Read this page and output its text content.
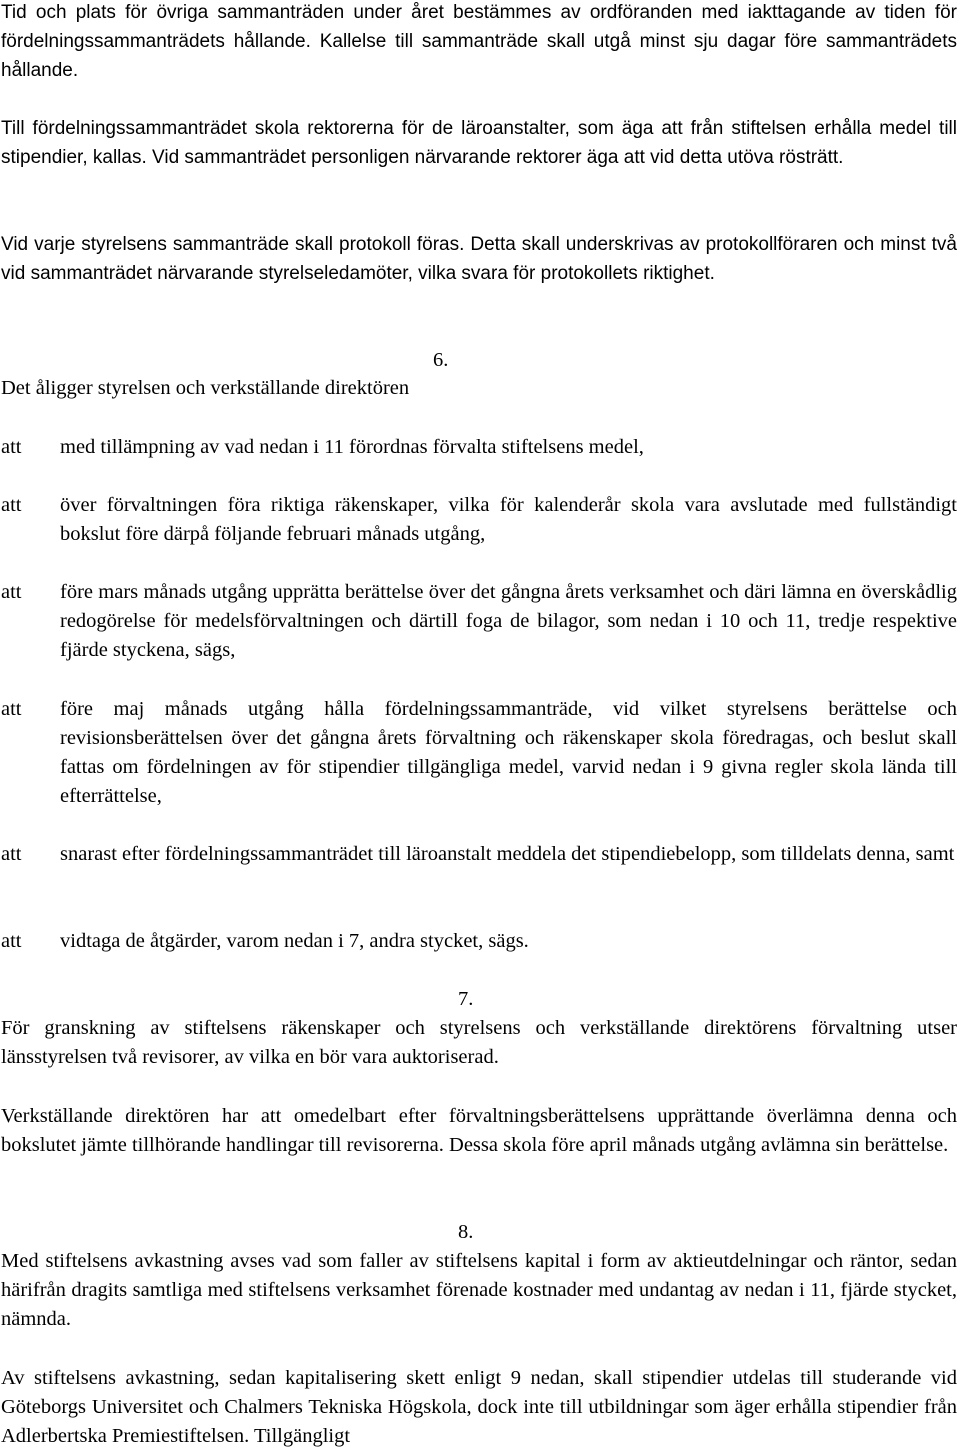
Tid och plats för övriga sammanträden under året bestämmes av ordföranden med iakttagande av tiden för fördelningssammanträdets hållande. Kallelse till sammanträde skall utgå minst sju dagar före sammanträdets hållande.

Till fördelningssammanträdet skola rektorerna för de läroanstalter, som äga att från stiftelsen erhålla medel till stipendier, kallas. Vid sammanträdet personligen närvarande rektorer äga att vid detta utöva rösträtt.

Vid varje styrelsens sammanträde skall protokoll föras. Detta skall underskrivas av protokollföraren och minst två vid sammanträdet närvarande styrelseledamöter, vilka svara för protokollets riktighet.

6.

Det åligger styrelsen och verkställande direktören

att	med tillämpning av vad nedan i 11 förordnas förvalta stiftelsens medel,
att	över förvaltningen föra riktiga räkenskaper, vilka för kalenderår skola vara avslutade med fullständigt bokslut före därpå följande februari månads utgång,
att	före mars månads utgång upprätta berättelse över det gångna årets verksamhet och däri lämna en överskådlig redogörelse för medelsförvaltningen och därtill foga de bilagor, som nedan i 10 och 11, tredje respektive fjärde styckena, sägs,
att	före maj månads utgång hålla fördelningssammanträde, vid vilket styrelsens berättelse och revisionsberättelsen över det gångna årets förvaltning och räkenskaper skola föredragas, och beslut skall fattas om fördelningen av för stipendier tillgängliga medel, varvid nedan i 9 givna regler skola lända till efterrättelse,
att	snarast efter fördelningssammanträdet till läroanstalt meddela det stipendiebelopp, som tilldelats denna, samt
att	vidtaga de åtgärder, varom nedan i 7, andra stycket, sägs.
7.

För granskning av stiftelsens räkenskaper och styrelsens och verkställande direktörens förvaltning utser länsstyrelsen två revisorer, av vilka en bör vara auktoriserad.

Verkställande direktören har att omedelbart efter förvaltningsberättelsens upprättande överlämna denna och bokslutet jämte tillhörande handlingar till revisorerna. Dessa skola före april månads utgång avlämna sin berättelse.

8.

Med stiftelsens avkastning avses vad som faller av stiftelsens kapital i form av aktieutdelningar och räntor, sedan härifrån dragits samtliga med stiftelsens verksamhet förenade kostnader med undantag av nedan i 11, fjärde stycket, nämnda.

Av stiftelsens avkastning, sedan kapitalisering skett enligt 9 nedan, skall stipendier utdelas till studerande vid Göteborgs Universitet och Chalmers Tekniska Högskola, dock inte till utbildningar som äger erhålla stipendier från Adlerbertska Premiestiftelsen. Tillgängligt
